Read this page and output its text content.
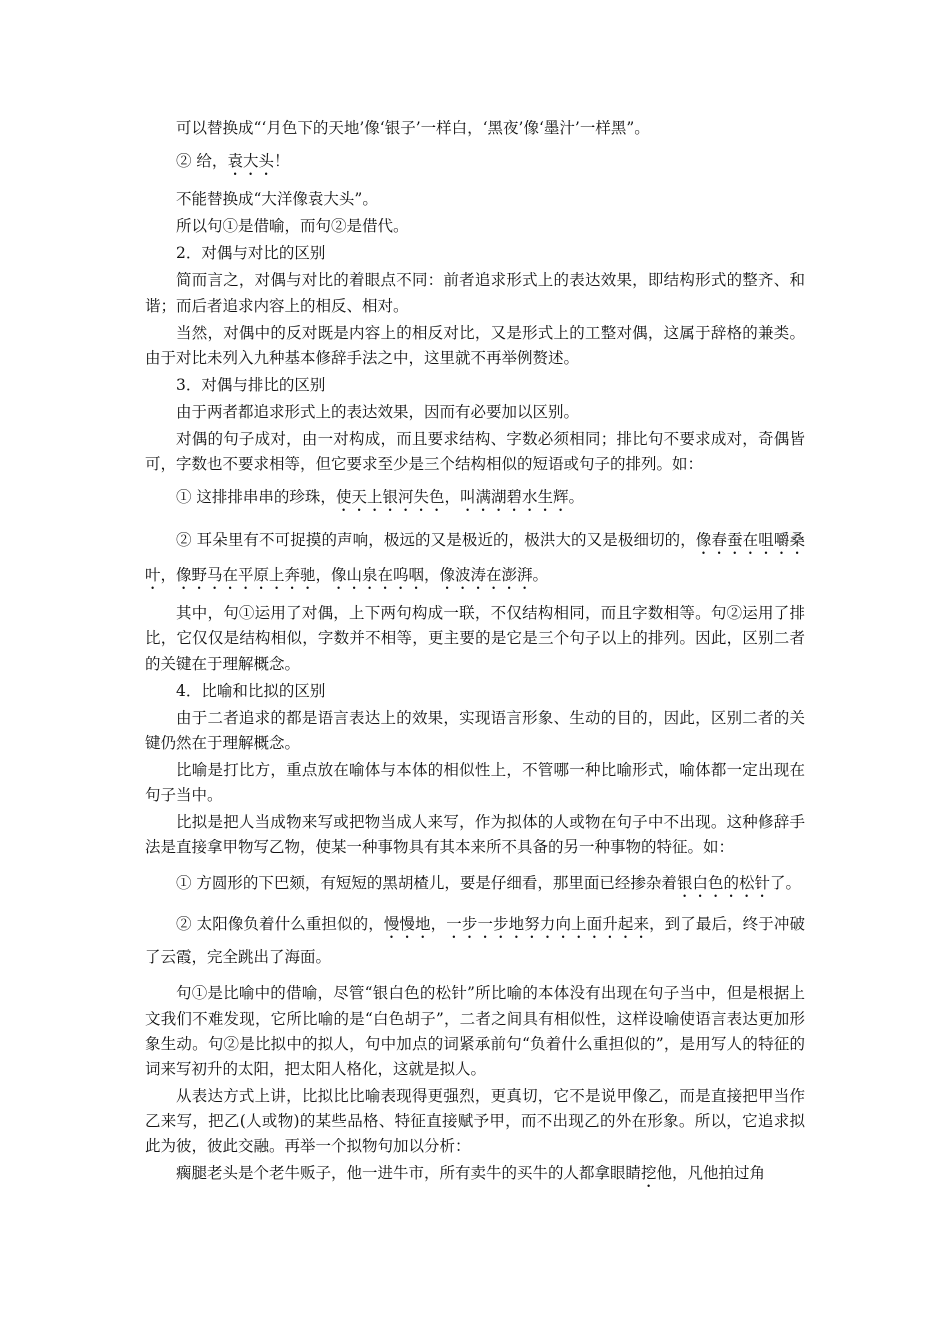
可以替换成“‘月色下的天地’像‘银子’一样白，‘黑夜’像‘墨汁’一样黑”。

② 给，袁大头！

不能替换成“大洋像袁大头”。

所以句①是借喻，而句②是借代。

2．对偶与对比的区别

简而言之，对偶与对比的着眼点不同：前者追求形式上的表达效果，即结构形式的整齐、和谐；而后者追求内容上的相反、相对。

当然，对偶中的反对既是内容上的相反对比，又是形式上的工整对偶，这属于辞格的兼类。由于对比未列入九种基本修辞手法之中，这里就不再举例赘述。

3．对偶与排比的区别

由于两者都追求形式上的表达效果，因而有必要加以区别。

对偶的句子成对，由一对构成，而且要求结构、字数必须相同；排比句不要求成对，奇偶皆可，字数也不要求相等，但它要求至少是三个结构相似的短语或句子的排列。如：

① 这排排串串的珍珠，使天上银河失色，叫满湖碧水生辉。

② 耳朵里有不可捉摸的声响，极远的又是极近的，极洪大的又是极细切的，像春蚕在咀嚼桑叶，像野马在平原上奔驰，像山泉在呜咽，像波涛在澎湃。

其中，句①运用了对偶，上下两句构成一联，不仅结构相同，而且字数相等。句②运用了排比，它仅仅是结构相似，字数并不相等，更主要的是它是三个句子以上的排列。因此，区别二者的关键在于理解概念。

4．比喻和比拟的区别

由于二者追求的都是语言表达上的效果，实现语言形象、生动的目的，因此，区别二者的关键仍然在于理解概念。

比喻是打比方，重点放在喻体与本体的相似性上，不管哪一种比喻形式，喻体都一定出现在句子当中。

比拟是把人当成物来写或把物当成人来写，作为拟体的人或物在句子中不出现。这种修辞手法是直接拿甲物写乙物，使某一种事物具有其本来所不具备的另一种事物的特征。如：

① 方圆形的下巴颏，有短短的黑胡楂儿，要是仔细看，那里面已经掺杂着银白色的松针了。

② 太阳像负着什么重担似的，慢慢地，一步一步地努力向上面升起来，到了最后，终于冲破了云霞，完全跳出了海面。

句①是比喻中的借喻，尽管“银白色的松针”所比喻的本体没有出现在句子当中，但是根据上文我们不难发现，它所比喻的是“白色胡子”，二者之间具有相似性，这样设喻使语言表达更加形象生动。句②是比拟中的拟人，句中加点的词紧承前句“负着什么重担似的”，是用写人的特征的词来写初升的太阳，把太阳人格化，这就是拟人。

从表达方式上讲，比拟比比喻表现得更强烈，更真切，它不是说甲像乙，而是直接把甲当作乙来写，把乙(人或物)的某些品格、特征直接赋予甲，而不出现乙的外在形象。所以，它追求拟此为彼，彼此交融。再举一个拟物句加以分析：

瘸腿老头是个老牛贩子，他一进牛市，所有卖牛的买牛的人都拿眼睛挖他，凡他拍过角
